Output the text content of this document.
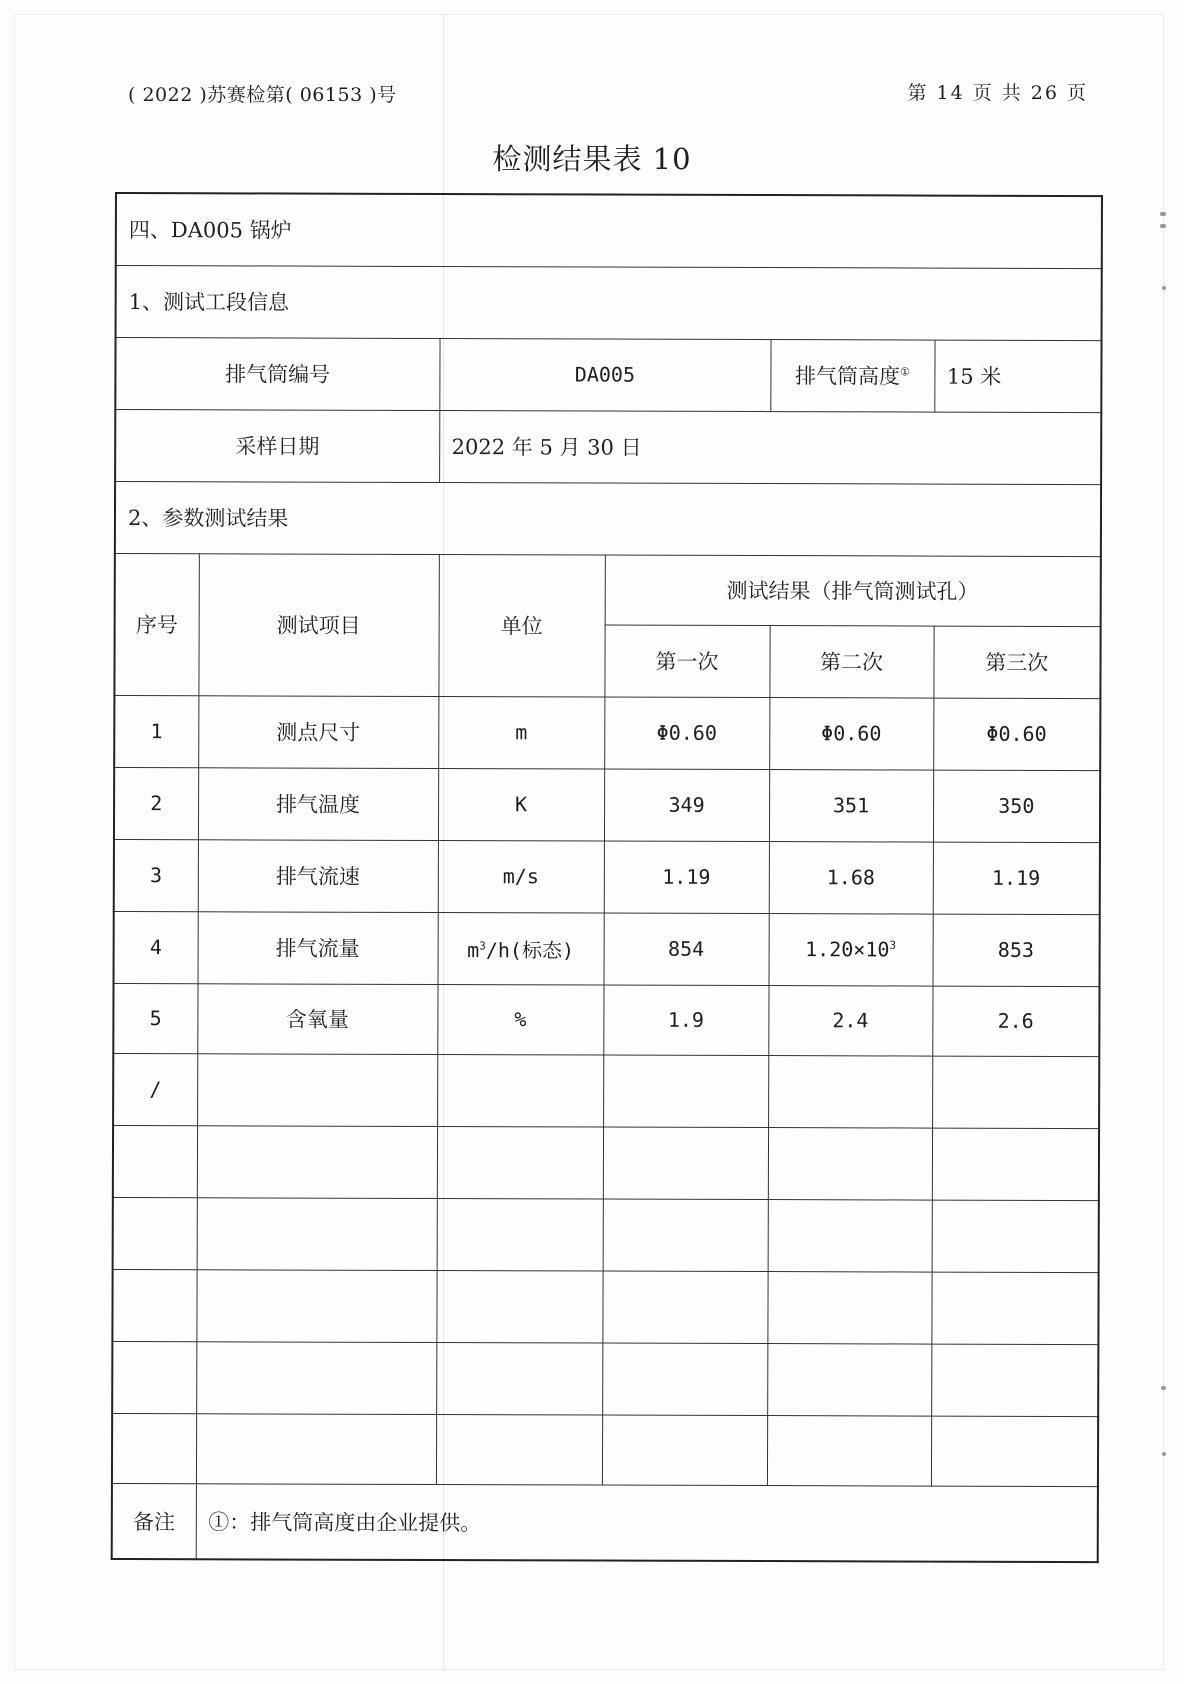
( 2022 )苏赛检第( 06153 )号	第 14 页 共 26 页
检测结果表 10
四、DA005 锅炉					
1、测试工段信息					
排气筒编号		DA005		排气筒高度①	15 米
采样日期		2022 年 5 月 30 日			
2、参数测试结果					
序号	测试项目	单位	测试结果（排气筒测试孔）		
			第一次	第二次	第三次
1	测点尺寸	m	Φ0.60	Φ0.60	Φ0.60
2	排气温度	K	349	351	350
3	排气流速	m/s	1.19	1.68	1.19
4	排气流量	$m^3/h$(标态)	854	$1.20\times 10^3$	853
5	含氧量	%	1.9	2.4	2.6
/					

备注	①：排气筒高度由企业提供。				
